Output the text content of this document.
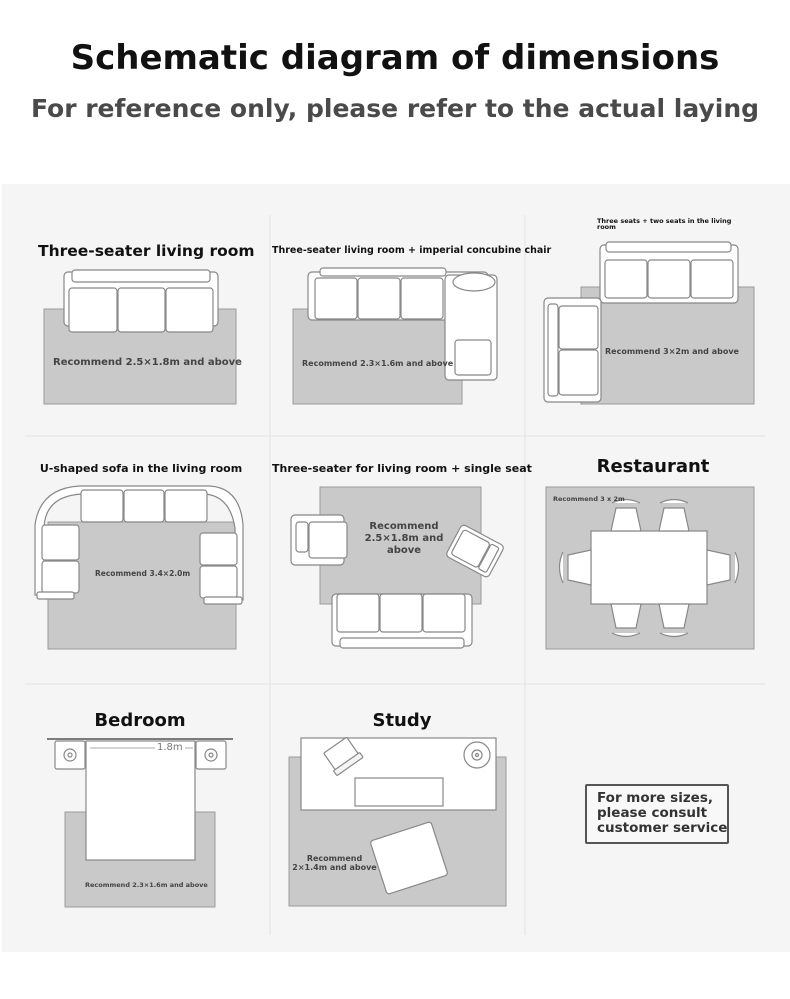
Schematic diagram of dimensions
For reference only, please refer to the actual laying
Three-seater living room
Recommend 2.5×1.8m and above
Three-seater living room + imperial concubine chair
Recommend 2.3×1.6m and above
Three seats + two seats in the living
room
Recommend 3×2m and above
U-shaped sofa in the living room
Recommend 3.4×2.0m
Three-seater for living room + single seat
Recommend
2.5×1.8m and
above
Restaurant
Recommend 3 x 2m
Bedroom
1.8m
Recommend 2.3×1.6m and above
Study
Recommend
2×1.4m and above
For more sizes,
please consult
customer service
